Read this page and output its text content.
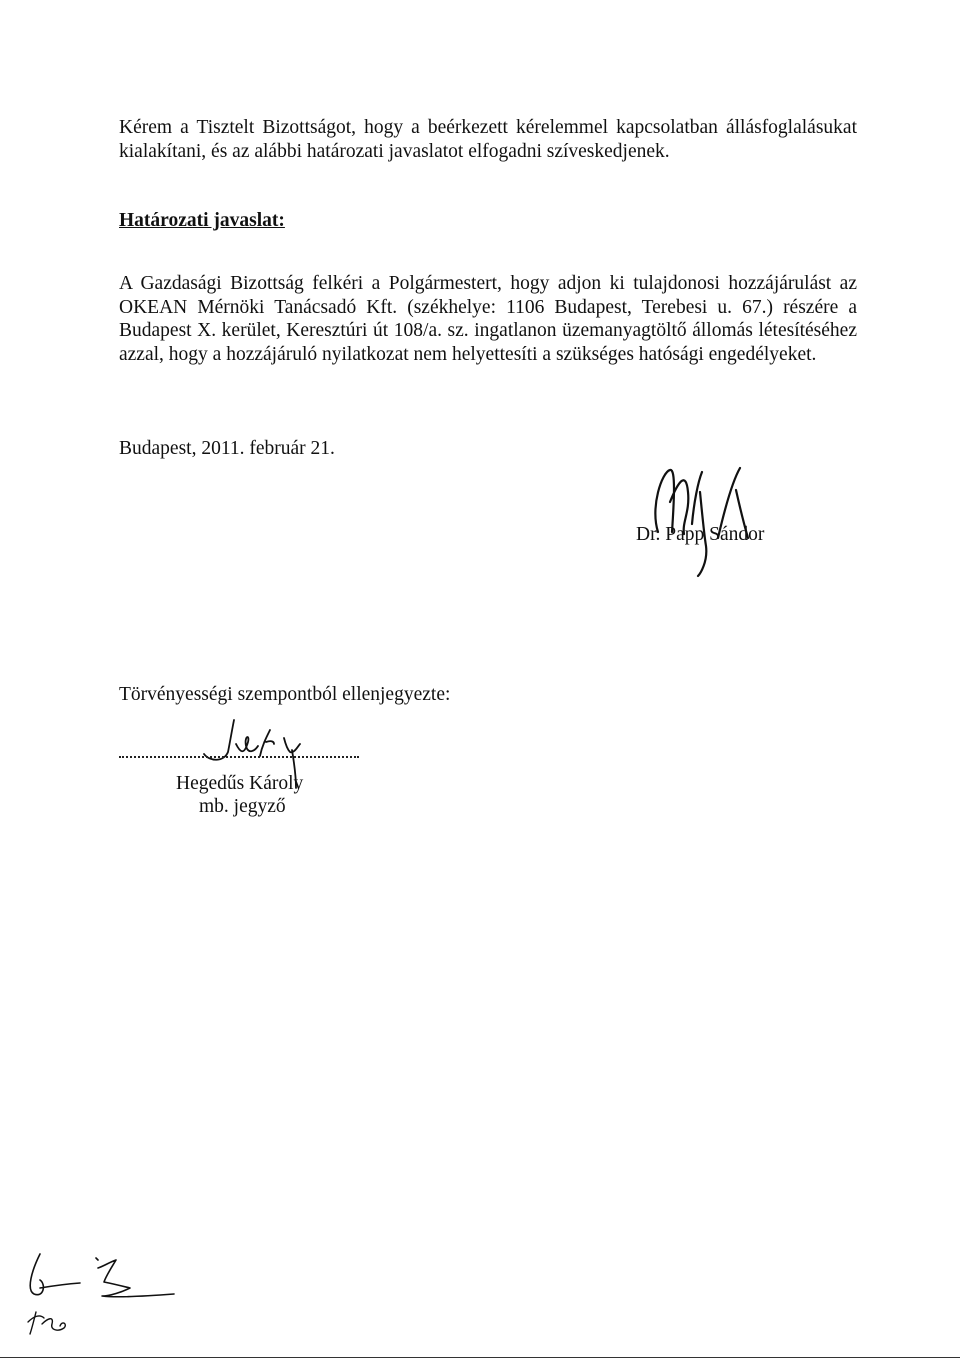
Kérem a Tisztelt Bizottságot, hogy a beérkezett kérelemmel kapcsolatban állásfoglalásukat
kialakítani, és az alábbi határozati javaslatot elfogadni szíveskedjenek.

Határozati javaslat:

A Gazdasági Bizottság felkéri a Polgármestert, hogy adjon ki tulajdonosi hozzájárulást az
OKEAN Mérnöki Tanácsadó Kft. (székhelye: 1106 Budapest, Terebesi u. 67.) részére a
Budapest X. kerület, Keresztúri út 108/a. sz. ingatlanon üzemanyagtöltő állomás létesítéséhez
azzal, hogy a hozzájáruló nyilatkozat nem helyettesíti a szükséges hatósági engedélyeket.

Budapest, 2011. február 21.

Dr. Papp Sándor

Törvényességi szempontból ellenjegyezte:

Hegedűs Károly

mb. jegyző
